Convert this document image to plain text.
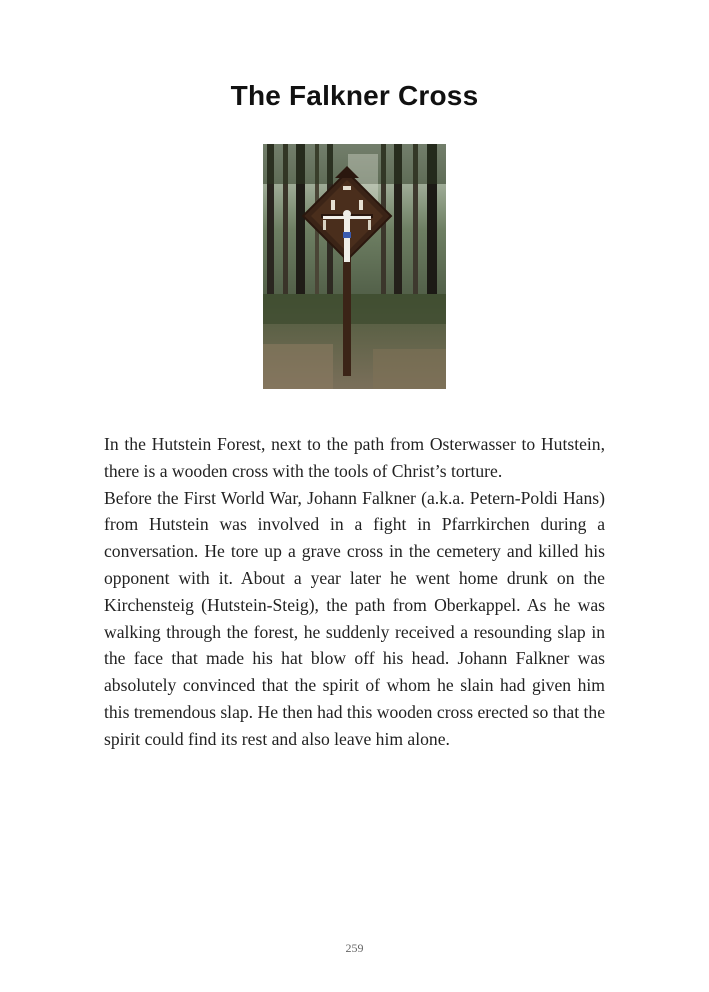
The Falkner Cross

In the Hutstein Forest, next to the path from Osterwasser to Hutstein, there is a wooden cross with the tools of Christ’s torture.

Before the First World War, Johann Falkner (a.k.a. Petern-Poldi Hans) from Hutstein was involved in a fight in Pfarrkirchen during a conversation. He tore up a grave cross in the cemetery and killed his opponent with it. About a year later he went home drunk on the Kirchensteig (Hutstein-Steig), the path from Oberkappel. As he was walking through the forest, he suddenly received a resounding slap in the face that made his hat blow off his head. Johann Falkner was absolutely convinced that the spirit of whom he slain had given him this tremendous slap. He then had this wooden cross erected so that the spirit could find its rest and also leave him alone.

259
